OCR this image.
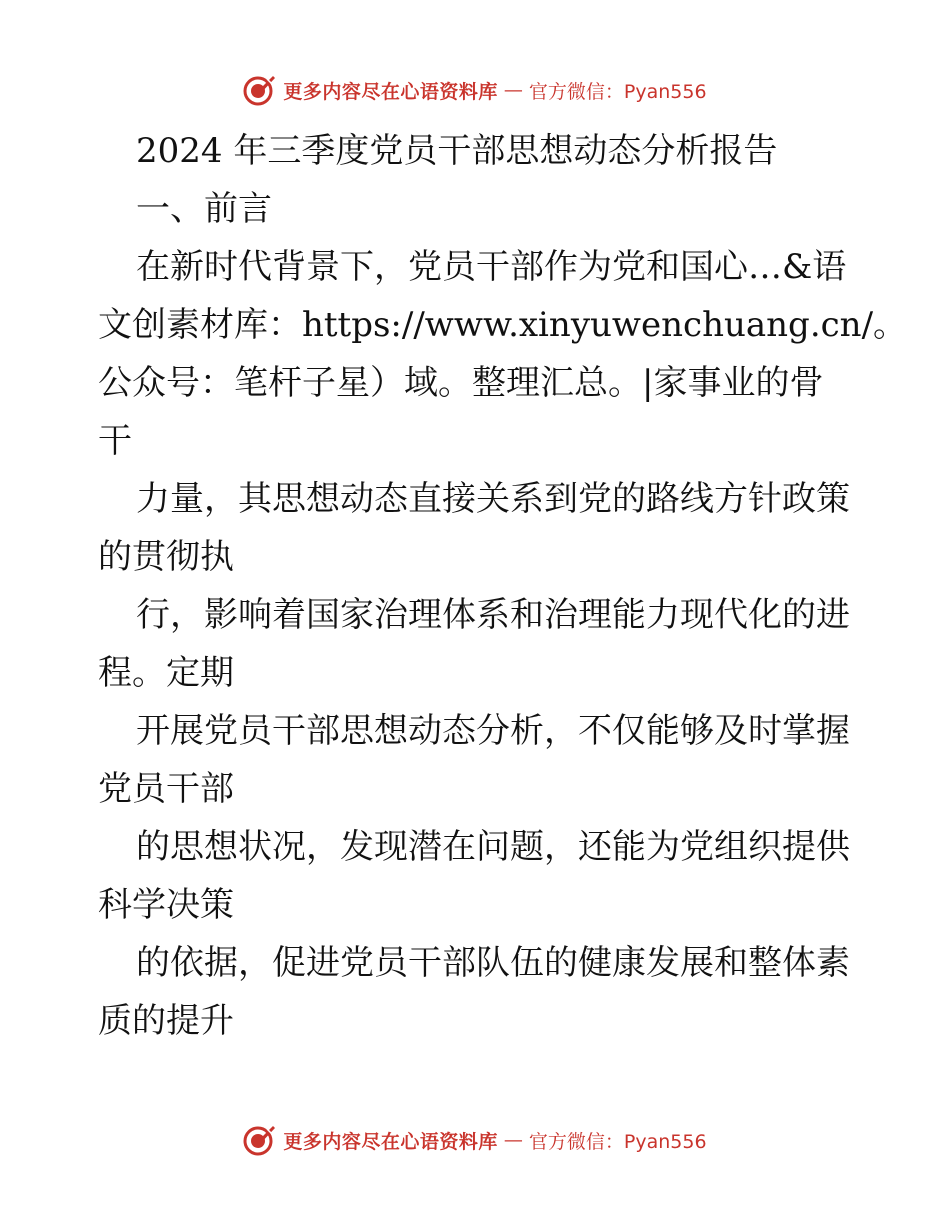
更多内容尽在心语资料库 — 官方微信：Pyan556
2024 年三季度党员干部思想动态分析报告
一、前言
在新时代背景下，党员干部作为党和国心…&语
文创素材库：https://www.xinyuwenchuang.cn/。
公众号：笔杆子星）域。整理汇总。|家事业的骨
干
力量，其思想动态直接关系到党的路线方针政策
的贯彻执
行，影响着国家治理体系和治理能力现代化的进
程。定期
开展党员干部思想动态分析，不仅能够及时掌握
党员干部
的思想状况，发现潜在问题，还能为党组织提供
科学决策
的依据，促进党员干部队伍的健康发展和整体素
质的提升
更多内容尽在心语资料库 — 官方微信：Pyan556
